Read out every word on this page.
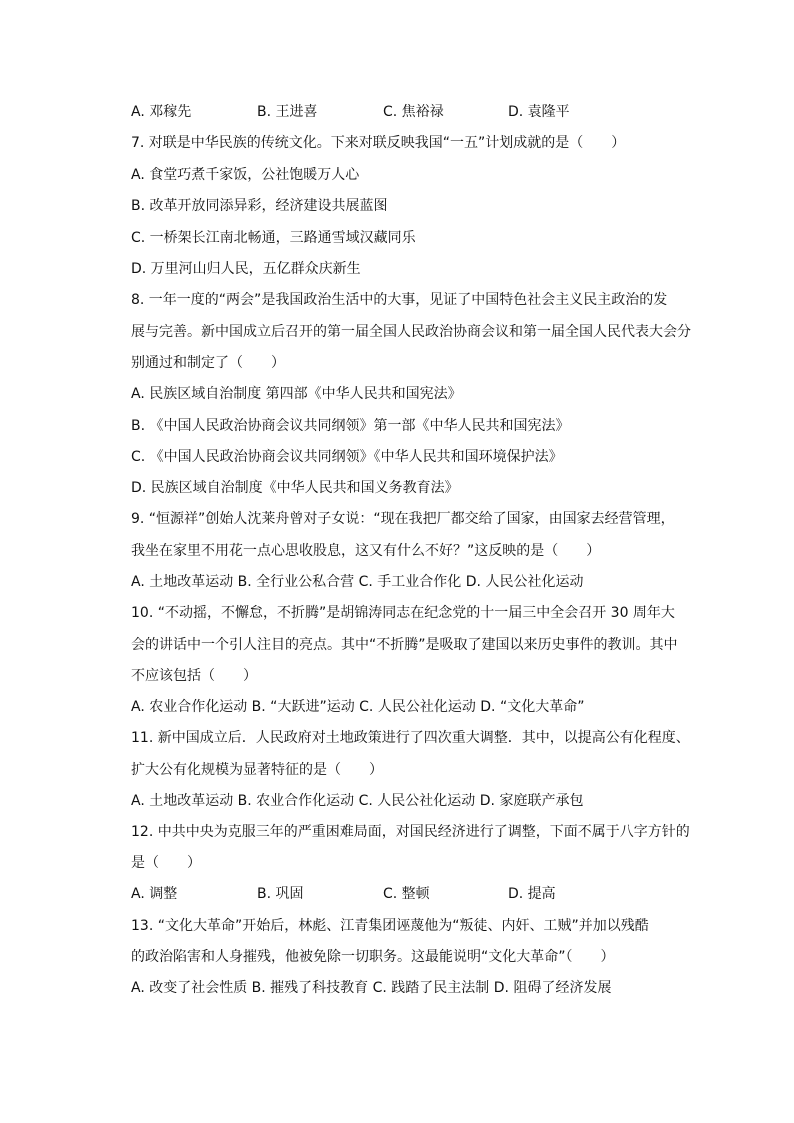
A. 邓稼先	B. 王进喜	C. 焦裕禄	D. 袁隆平
7. 对联是中华民族的传统文化。下来对联反映我国“一五”计划成就的是（　　）
A. 食堂巧煮千家饭，公社饱暖万人心
B. 改革开放同添异彩，经济建设共展蓝图
C. 一桥架长江南北畅通，三路通雪域汉藏同乐
D. 万里河山归人民，五亿群众庆新生
8. 一年一度的“两会”是我国政治生活中的大事，见证了中国特色社会主义民主政治的发
展与完善。新中国成立后召开的第一届全国人民政治协商会议和第一届全国人民代表大会分
别通过和制定了（　　）
A. 民族区域自治制度 第四部《中华人民共和国宪法》
B. 《中国人民政治协商会议共同纲领》第一部《中华人民共和国宪法》
C. 《中国人民政治协商会议共同纲领》《中华人民共和国环境保护法》
D. 民族区域自治制度《中华人民共和国义务教育法》
9. “恒源祥”创始人沈莱舟曾对子女说：“现在我把厂都交给了国家，由国家去经营管理，
我坐在家里不用花一点心思收股息，这又有什么不好？”这反映的是（　　）
A. 土地改革运动 B. 全行业公私合营 C. 手工业合作化 D. 人民公社化运动
10. “不动摇，不懈怠，不折腾”是胡锦涛同志在纪念党的十一届三中全会召开 30 周年大
会的讲话中一个引人注目的亮点。其中“不折腾”是吸取了建国以来历史事件的教训。其中
不应该包括（　　）
A. 农业合作化运动 B. “大跃进”运动 C. 人民公社化运动 D. “文化大革命”
11. 新中国成立后．人民政府对土地政策进行了四次重大调整．其中，以提高公有化程度、
扩大公有化规模为显著特征的是（　　）
A. 土地改革运动 B. 农业合作化运动 C. 人民公社化运动 D. 家庭联产承包
12. 中共中央为克服三年的严重困难局面，对国民经济进行了调整，下面不属于八字方针的
是（　　）
A. 调整	B. 巩固	C. 整顿	D. 提高
13. “文化大革命”开始后，林彪、江青集团诬蔑他为“叛徒、内奸、工贼”并加以残酷
的政治陷害和人身摧残，他被免除一切职务。这最能说明“文化大革命”（　　）
A. 改变了社会性质 B. 摧残了科技教育 C. 践踏了民主法制 D. 阻碍了经济发展
